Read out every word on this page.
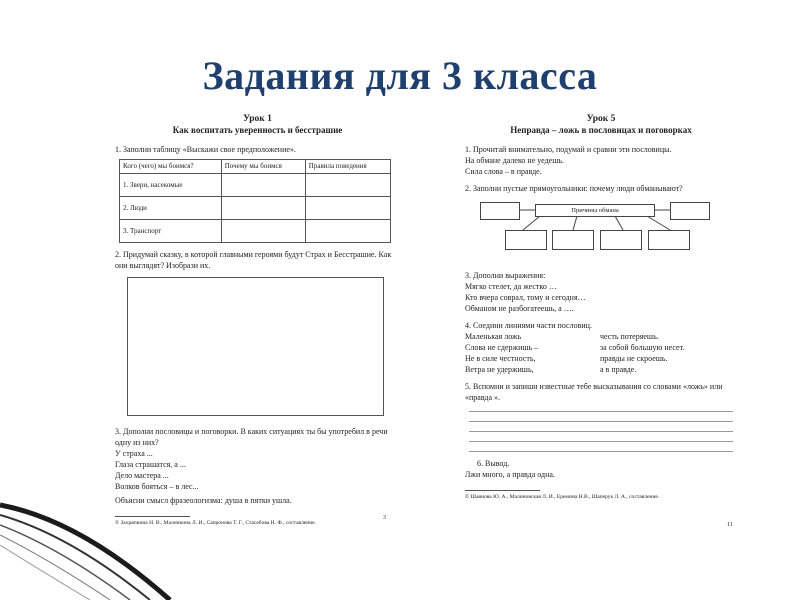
Задания для 3 класса
Урок 1
Как воспитать уверенность и бесстрашие
1. Заполни таблицу «Выскажи свое предположение».
Кого (чего) мы боимся?	Почему мы боимся	Правила поведения
1. Звери, насекомые		
2. Люди		
3. Транспорт		
2. Придумай сказку, в которой главными героями будут Страх и Бесстрашие. Как они выглядят? Изобрази их.
3. Дополни пословицы и поговорки. В каких ситуациях ты бы употребил в речи одну из них?

У страха ...

Глаза страшатся, а ...

Дело мастера ...

Волков бояться – в лес...

Объясни смысл фразеологизма: душа в пятки ушла.
© Захряпкина Н. В., Малинкина Л. И., Сапронова Т. Г., Стасебова Н. Ф., составление.
3
Урок 5
Неправда – ложь в пословицах и поговорках
1. Прочитай внимательно, подумай и сравни эти пословицы.

На обмане далеко не уедешь.

Сила слова – в правде.

2. Заполни пустые прямоугольники: почему люди обманывают?
Причины обмана
3. Дополни выражения:

Мягко стелет, да жестко …

Кто вчера соврал, тому и сегодня…

Обманом не разбогатеешь, а ….

4. Соедини линиями части пословиц.
Маленькая ложь	честь потеряешь.
Слова не сдержишь –	за собой большую несет.
Не в силе честность,	правды не скроешь.
Ветра не удержишь,	а в правде.
5. Вспомни и запиши известные тебе высказывания со словами «ложь» или «правда ».
6. Вывод.
Лжи много, а правда одна.
© Шаянова Ю. А., Малиновская Л. И., Еремина Н.В., Шаперук Л. А., составление.
11
